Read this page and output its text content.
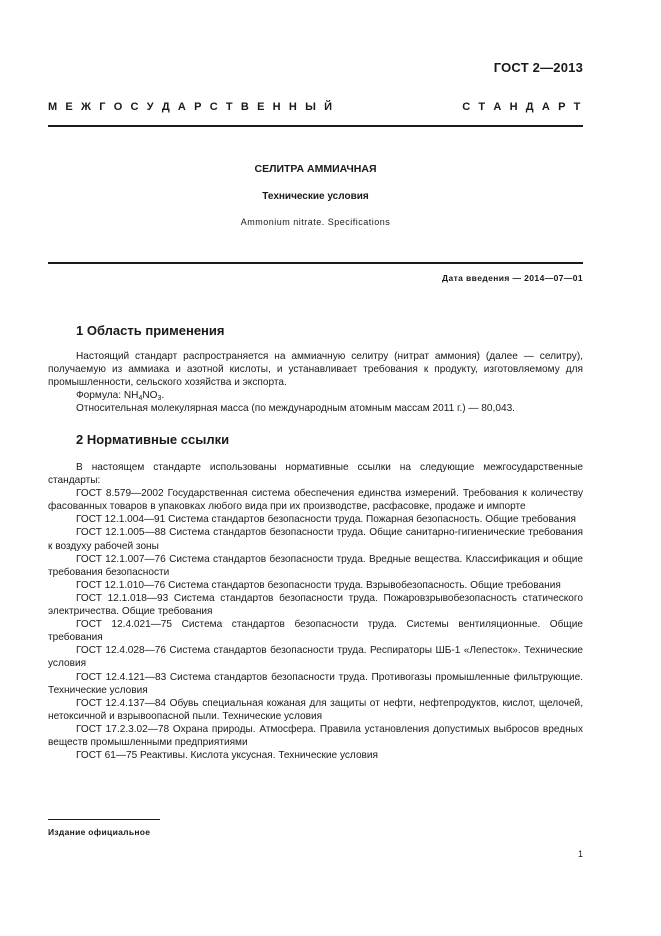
ГОСТ 2—2013
М Е Ж Г О С У Д А Р С Т В Е Н Н Ы Й	С Т А Н Д А Р Т
СЕЛИТРА АММИАЧНАЯ
Технические условия
Ammonium nitrate. Specifications
Дата введения — 2014—07—01
1 Область применения

Настоящий стандарт распространяется на аммиачную селитру (нитрат аммония) (далее — селитру), получаемую из аммиака и азотной кислоты, и устанавливает требования к продукту, изготовляемому для промышленности, сельского хозяйства и экспорта.

Формула: $NH_4NO_3$.

Относительная молекулярная масса (по международным атомным массам 2011 г.) — 80,043.

2 Нормативные ссылки

В настоящем стандарте использованы нормативные ссылки на следующие межгосударственные стандарты:

ГОСТ 8.579—2002 Государственная система обеспечения единства измерений. Требования к количеству фасованных товаров в упаковках любого вида при их производстве, расфасовке, продаже и импорте

ГОСТ 12.1.004—91 Система стандартов безопасности труда. Пожарная безопасность. Общие требования

ГОСТ 12.1.005—88 Система стандартов безопасности труда. Общие санитарно-гигиенические требования к воздуху рабочей зоны

ГОСТ 12.1.007—76 Система стандартов безопасности труда. Вредные вещества. Классификация и общие требования безопасности

ГОСТ 12.1.010—76 Система стандартов безопасности труда. Взрывобезопасность. Общие требования

ГОСТ 12.1.018—93 Система стандартов безопасности труда. Пожаровзрывобезопасность статического электричества. Общие требования

ГОСТ 12.4.021—75 Система стандартов безопасности труда. Системы вентиляционные. Общие требования

ГОСТ 12.4.028—76 Система стандартов безопасности труда. Респираторы ШБ-1 «Лепесток». Технические условия

ГОСТ 12.4.121—83 Система стандартов безопасности труда. Противогазы промышленные фильтрующие. Технические условия

ГОСТ 12.4.137—84 Обувь специальная кожаная для защиты от нефти, нефтепродуктов, кислот, щелочей, нетоксичной и взрывоопасной пыли. Технические условия

ГОСТ 17.2.3.02—78 Охрана природы. Атмосфера. Правила установления допустимых выбросов вредных веществ промышленными предприятиями

ГОСТ 61—75 Реактивы. Кислота уксусная. Технические условия

Издание официальное
1
